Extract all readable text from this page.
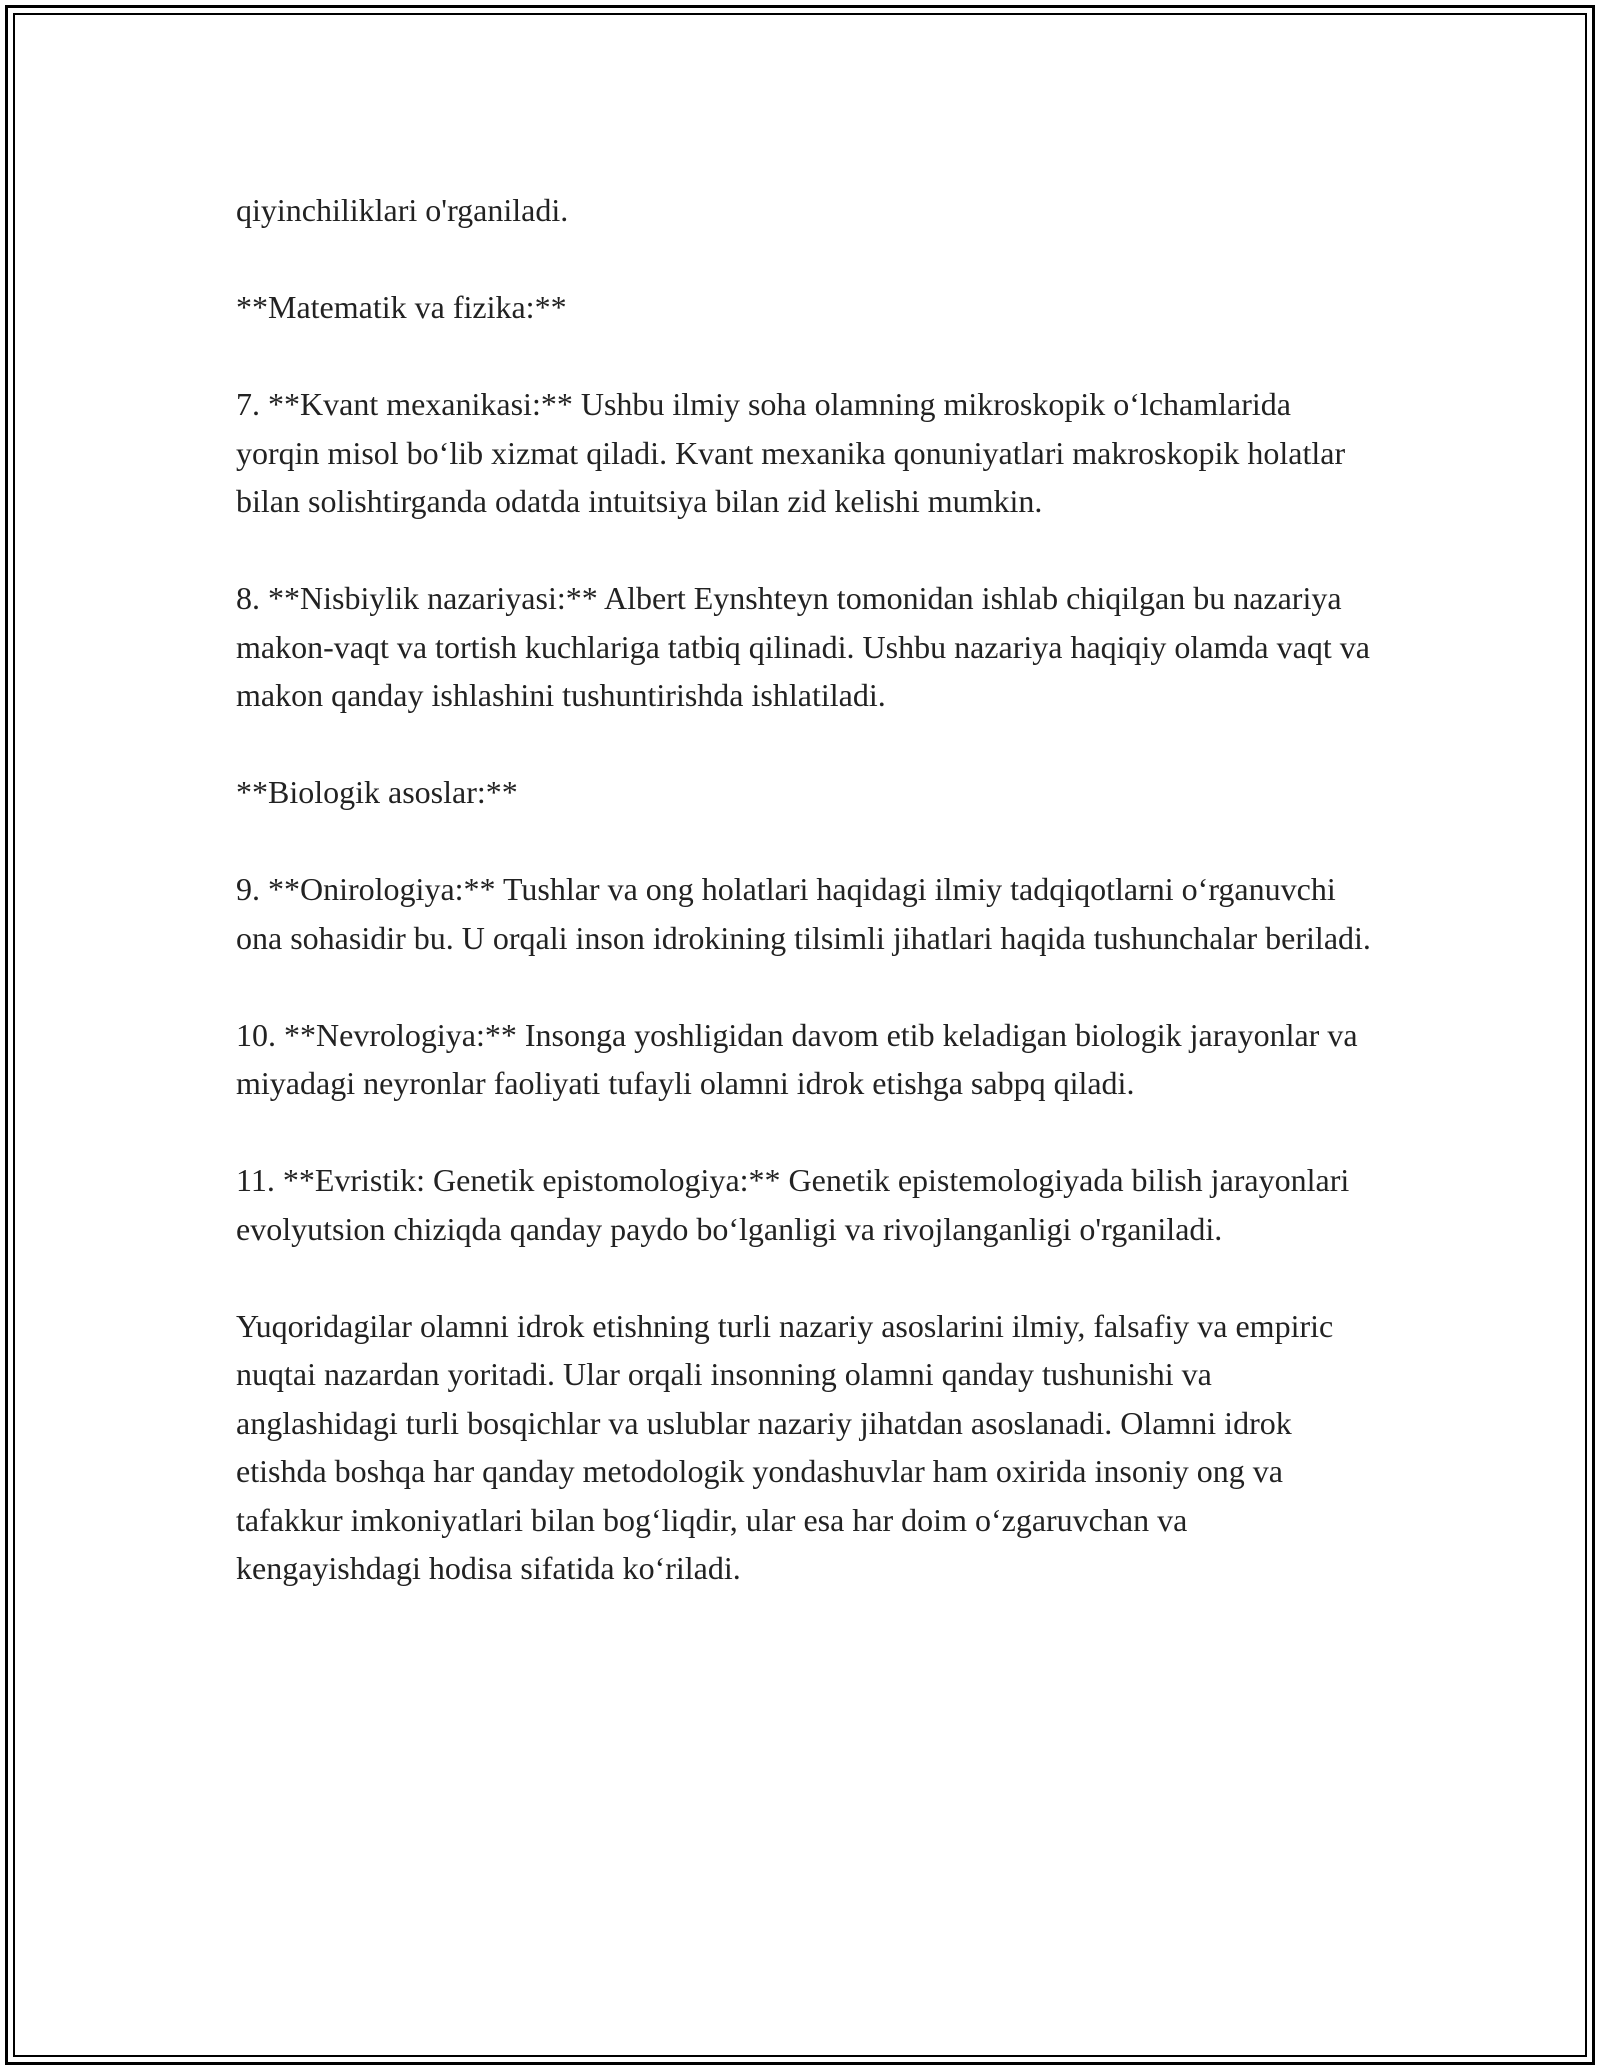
qiyinchiliklari o'rganiladi.

**Matematik va fizika:**

7. **Kvant mexanikasi:** Ushbu ilmiy soha olamning mikroskopik o‘lchamlarida yorqin misol bo‘lib xizmat qiladi. Kvant mexanika qonuniyatlari makroskopik holatlar bilan solishtirganda odatda intuitsiya bilan zid kelishi mumkin.

8. **Nisbiylik nazariyasi:** Albert Eynshteyn tomonidan ishlab chiqilgan bu nazariya makon-vaqt va tortish kuchlariga tatbiq qilinadi. Ushbu nazariya haqiqiy olamda vaqt va makon qanday ishlashini tushuntirishda ishlatiladi.

**Biologik asoslar:**

9. **Onirologiya:** Tushlar va ong holatlari haqidagi ilmiy tadqiqotlarni o‘rganuvchi ona sohasidir bu. U orqali inson idrokining tilsimli jihatlari haqida tushunchalar beriladi.

10. **Nevrologiya:** Insonga yoshligidan davom etib keladigan biologik jarayonlar va miyadagi neyronlar faoliyati tufayli olamni idrok etishga sabpq qiladi.

11. **Evristik: Genetik epistomologiya:** Genetik epistemologiyada bilish jarayonlari evolyutsion chiziqda qanday paydo bo‘lganligi va rivojlanganligi o'rganiladi.

Yuqoridagilar olamni idrok etishning turli nazariy asoslarini ilmiy, falsafiy va empiric nuqtai nazardan yoritadi. Ular orqali insonning olamni qanday tushunishi va anglashidagi turli bosqichlar va uslublar nazariy jihatdan asoslanadi. Olamni idrok etishda boshqa har qanday metodologik yondashuvlar ham oxirida insoniy ong va tafakkur imkoniyatlari bilan bog‘liqdir, ular esa har doim o‘zgaruvchan va kengayishdagi hodisa sifatida ko‘riladi.
